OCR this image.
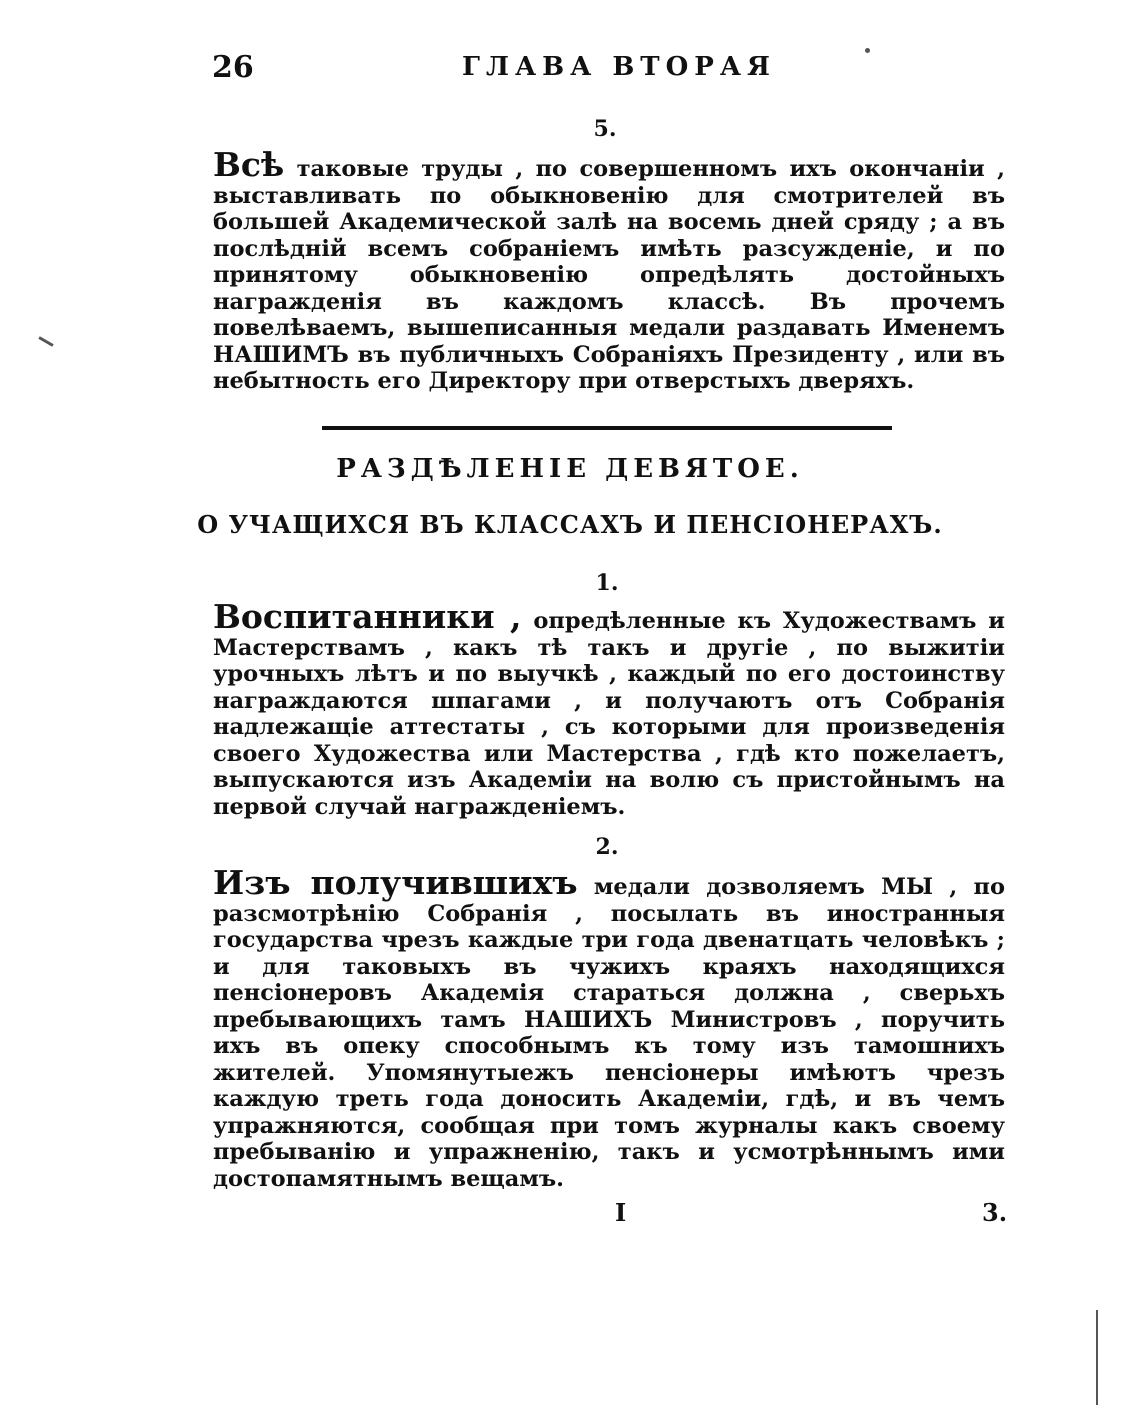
26	ГЛАВА ВТОРАЯ
5.
Всѣ таковые труды , по совершенномъ ихъ окончанiи , выставливать по обыкновенiю для смотрителей въ большей Академической залѣ на восемь дней сряду ; а въ послѣднiй всемъ собранiемъ имѣть разсужденiе, и по принятому обыкновенiю опредѣлять достойныхъ награжденiя въ каждомъ классѣ. Въ прочемъ повелѣваемъ, вышеписанныя медали раздавать Именемъ НАШИМЪ въ публичныхъ Собранiяхъ Президенту , или въ небытность его Директору при отверстыхъ дверяхъ.
РАЗДѢЛЕНIЕ ДЕВЯТОЕ.
О УЧАЩИХСЯ ВЪ КЛАССАХЪ И ПЕНСIОНЕРАХЪ.
1.
Воспитанники , опредѣленные къ Художествамъ и Мастерствамъ , какъ тѣ такъ и другiе , по выжитiи урочныхъ лѣтъ и по выучкѣ , каждый по его достоинству награждаются шпагами , и получаютъ отъ Собранiя надлежащiе аттестаты , съ которыми для произведенiя своего Художества или Мастерства , гдѣ кто пожелаетъ, выпускаются изъ Академiи на волю съ пристойнымъ на первой случай награжденiемъ.
2.
Изъ получившихъ медали дозволяемъ МЫ , по разсмотрѣнiю Собранiя , посылать въ иностранныя государства чрезъ каждые три года двенатцать человѣкъ ; и для таковыхъ въ чужихъ краяхъ находящихся пенсiонеровъ Академiя стараться должна , сверьхъ пребывающихъ тамъ НАШИХЪ Министровъ , поручить ихъ въ опеку способнымъ къ тому изъ тамошнихъ жителей. Упомянутыежъ пенсiонеры имѣютъ чрезъ каждую треть года доносить Академiи, гдѣ, и въ чемъ упражняются, сообщая при томъ журналы какъ своему пребыванiю и упражненiю, такъ и усмотрѣннымъ ими достопамятнымъ вещамъ.
I	3.
